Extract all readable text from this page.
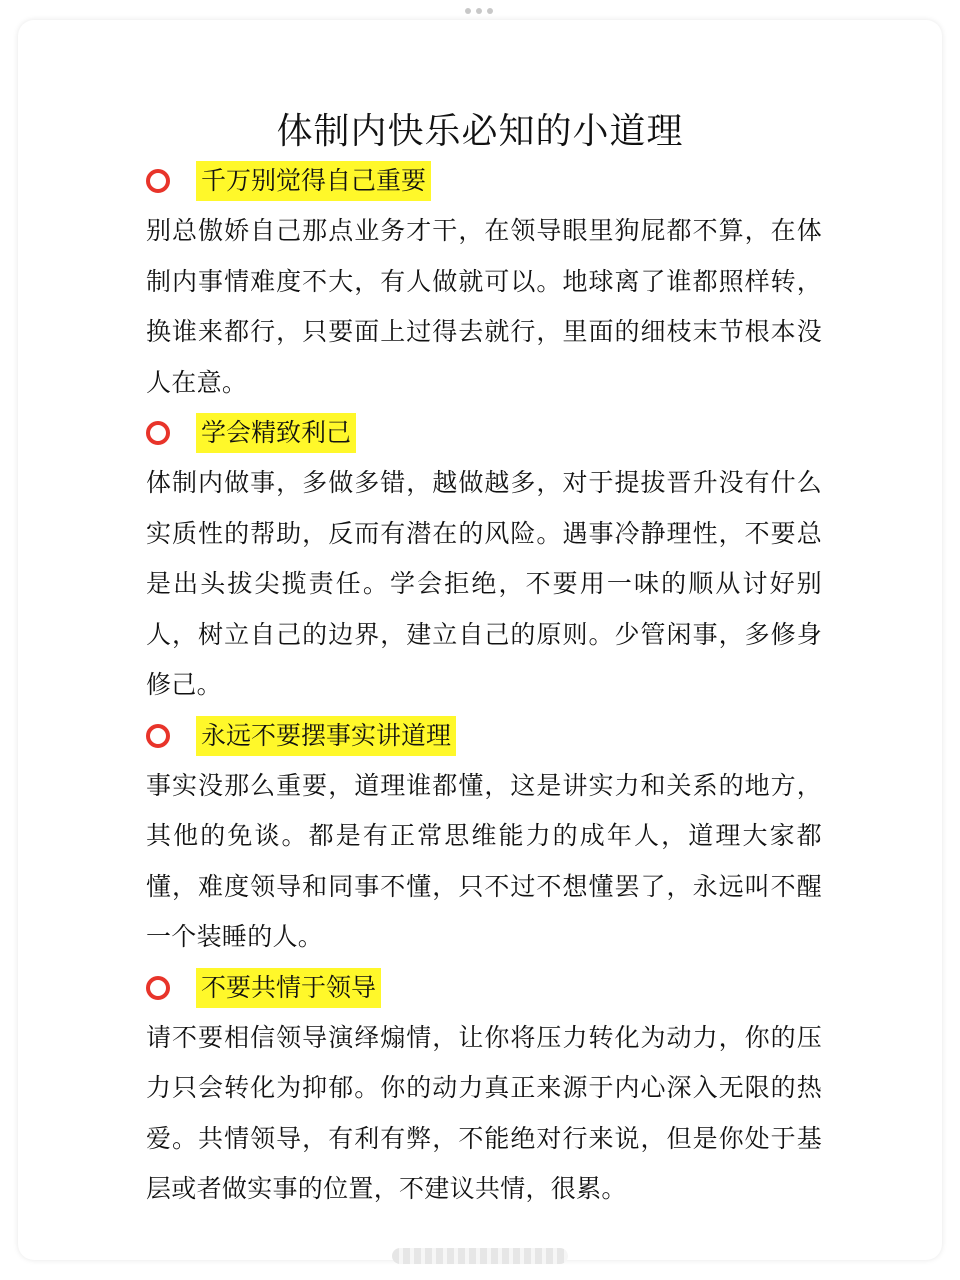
体制内快乐必知的小道理
千万别觉得自己重要

别总傲娇自己那点业务才干，在领导眼里狗屁都不算，在体制内事情难度不大，有人做就可以。地球离了谁都照样转，换谁来都行，只要面上过得去就行，里面的细枝末节根本没人在意。

学会精致利己

体制内做事，多做多错，越做越多，对于提拔晋升没有什么实质性的帮助，反而有潜在的风险。遇事冷静理性，不要总是出头拔尖揽责任。学会拒绝，不要用一味的顺从讨好别人，树立自己的边界，建立自己的原则。少管闲事，多修身修己。

永远不要摆事实讲道理

事实没那么重要，道理谁都懂，这是讲实力和关系的地方，其他的免谈。都是有正常思维能力的成年人，道理大家都懂，难度领导和同事不懂，只不过不想懂罢了，永远叫不醒一个装睡的人。

不要共情于领导

请不要相信领导演绎煽情，让你将压力转化为动力，你的压力只会转化为抑郁。你的动力真正来源于内心深入无限的热爱。共情领导，有利有弊，不能绝对行来说，但是你处于基层或者做实事的位置，不建议共情，很累。
